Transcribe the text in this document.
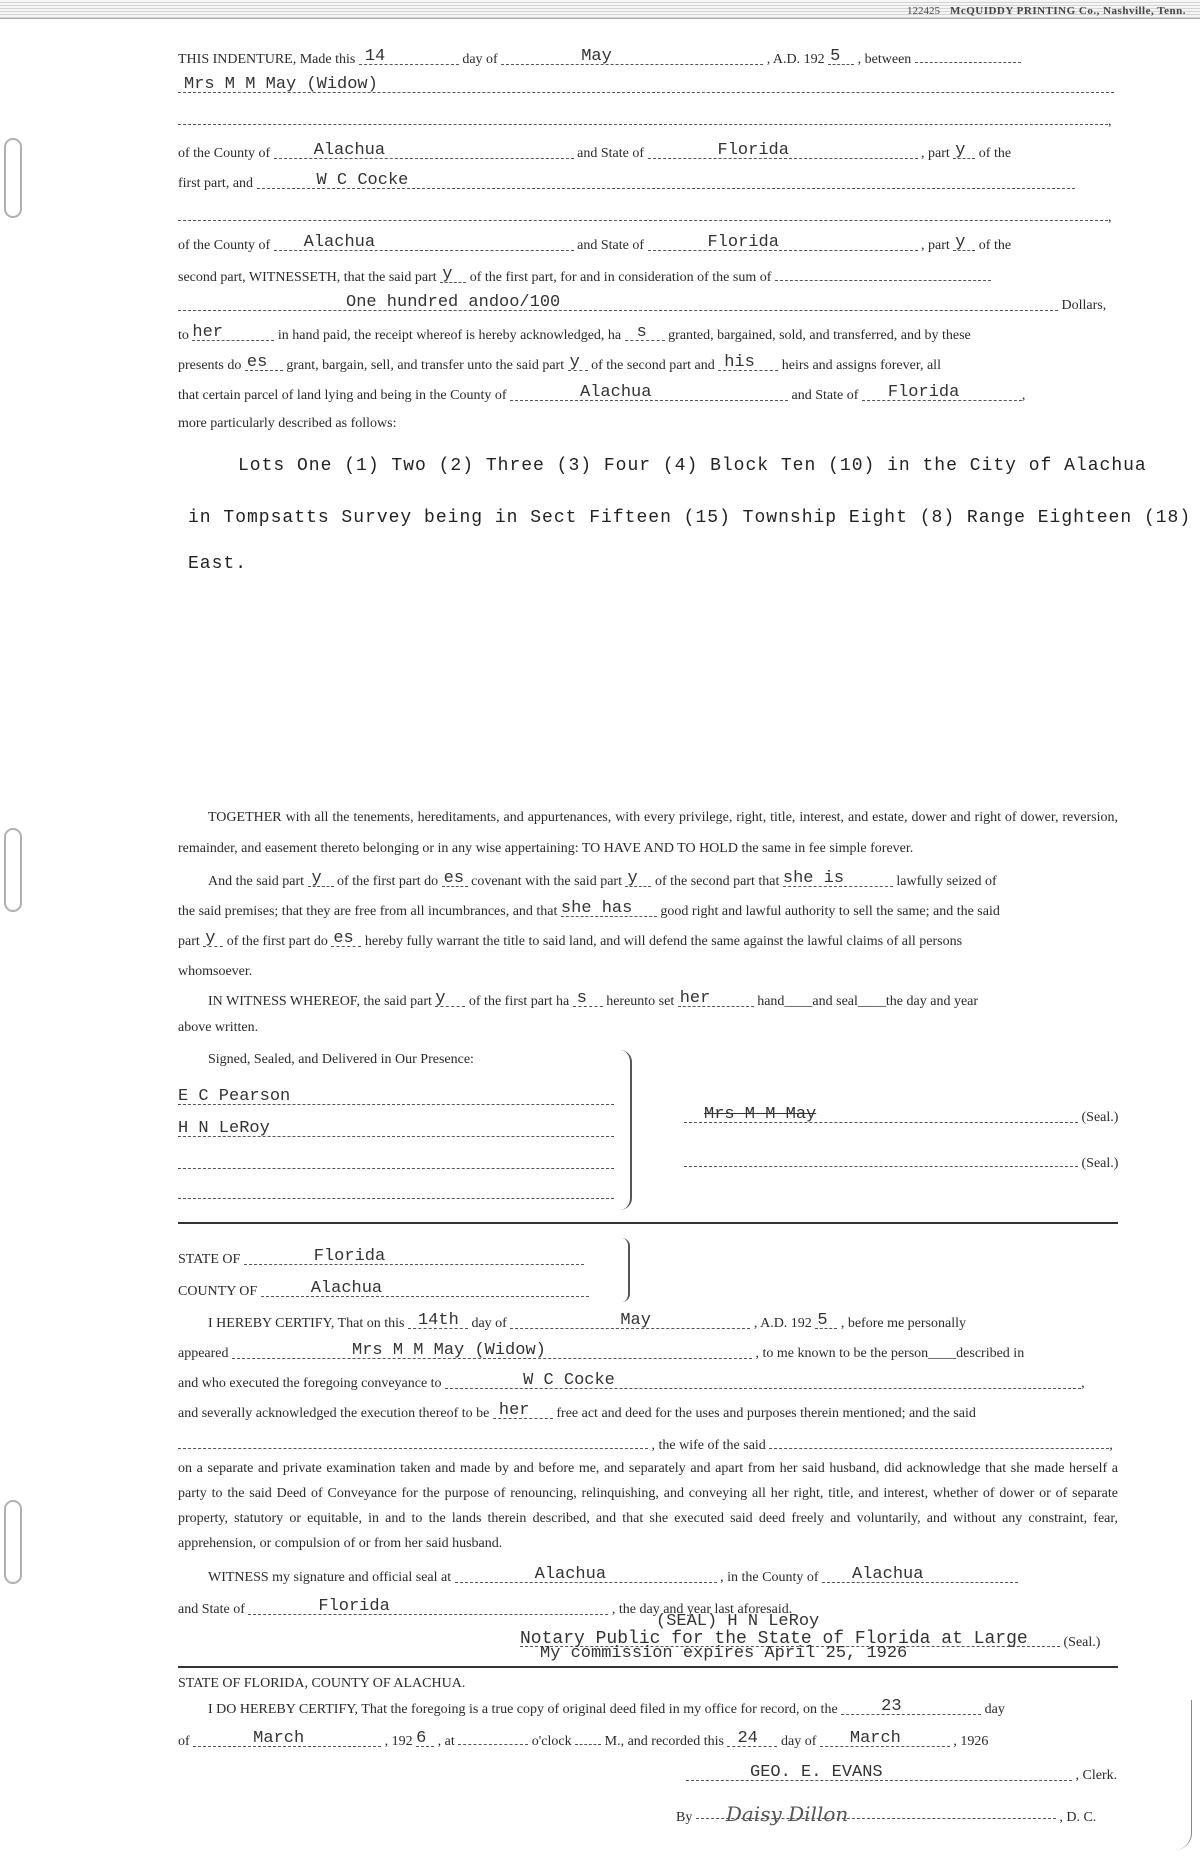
122425 McQUIDDY PRINTING Co., Nashville, Tenn.
THIS INDENTURE, Made this 14	day of	May	, A.D. 192 5 , between
Mrs M M May (Widow)
,
of the County of	Alachua	and State of	Florida	, part y of the
first part, and	W C Cocke
,
of the County of Alachua	and State of	Florida	, part y of the
second part, WITNESSETH, that the said part y of the first part, for and in consideration of the sum of
One hundred andoo/100	Dollars,
to her	in hand paid, the receipt whereof is hereby acknowledged, ha s granted, bargained, sold, and transferred, and by these
presents do es grant, bargain, sell, and transfer unto the said part y of the second part and his heirs and assigns forever, all
that certain parcel of land lying and being in the County of	Alachua	and State of Florida	,
more particularly described as follows:
Lots One (1) Two (2) Three (3) Four (4) Block Ten (10) in the City of Alachua
in Tompsatts Survey being in Sect Fifteen (15) Township Eight (8) Range Eighteen (18)
East.

TOGETHER with all the tenements, hereditaments, and appurtenances, with every privilege, right, title, interest, and estate, dower and right of dower, reversion, remainder, and easement thereto belonging or in any wise appertaining: TO HAVE AND TO HOLD the same in fee simple forever.

And the said part y of the first part do es covenant with the said part y of the second part that she is	lawfully seized of
the said premises; that they are free from all incumbrances, and that she has good right and lawful authority to sell the same; and the said
part y of the first part do es hereby fully warrant the title to said land, and will defend the same against the lawful claims of all persons
whomsoever.
IN WITNESS WHEREOF, the said part y of the first part ha s hereunto set her	hand____and seal____the day and year
above written.
Signed, Sealed, and Delivered in Our Presence:
E C Pearson
H N LeRoy
Mrs M M May	(Seal.)
(Seal.)
STATE OF	Florida
COUNTY OF	Alachua
I HEREBY CERTIFY, That on this 14th day of	May	, A.D. 192 5 , before me personally
appeared	Mrs M M May (Widow)	, to me known to be the person____described in
and who executed the foregoing conveyance to	W C Cocke	,
and severally acknowledged the execution thereof to be her free act and deed for the uses and purposes therein mentioned; and the said
, the wife of the said	,

on a separate and private examination taken and made by and before me, and separately and apart from her said husband, did acknowledge that she made herself a party to the said Deed of Conveyance for the purpose of renouncing, relinquishing, and conveying all her right, title, and interest, whether of dower or of separate property, statutory or equitable, in and to the lands therein described, and that she executed said deed freely and voluntarily, and without any constraint, fear, apprehension, or compulsion of or from her said husband.

WITNESS my signature and official seal at	Alachua	, in the County of Alachua
and State of	Florida	, the day and year last aforesaid.
(SEAL) H N LeRoy
Notary Public for the State of Florida at Large	(Seal.)
My commission expires April 25, 1926
STATE OF FLORIDA, COUNTY OF ALACHUA.
I DO HEREBY CERTIFY, That the foregoing is a true copy of original deed filed in my office for record, on the	23	day
of	March	, 192 6 , at	o'clock M., and recorded this 24 day of March	, 1926
GEO. E. EVANS	, Clerk.
By Daisy Dillon	, D. C.
